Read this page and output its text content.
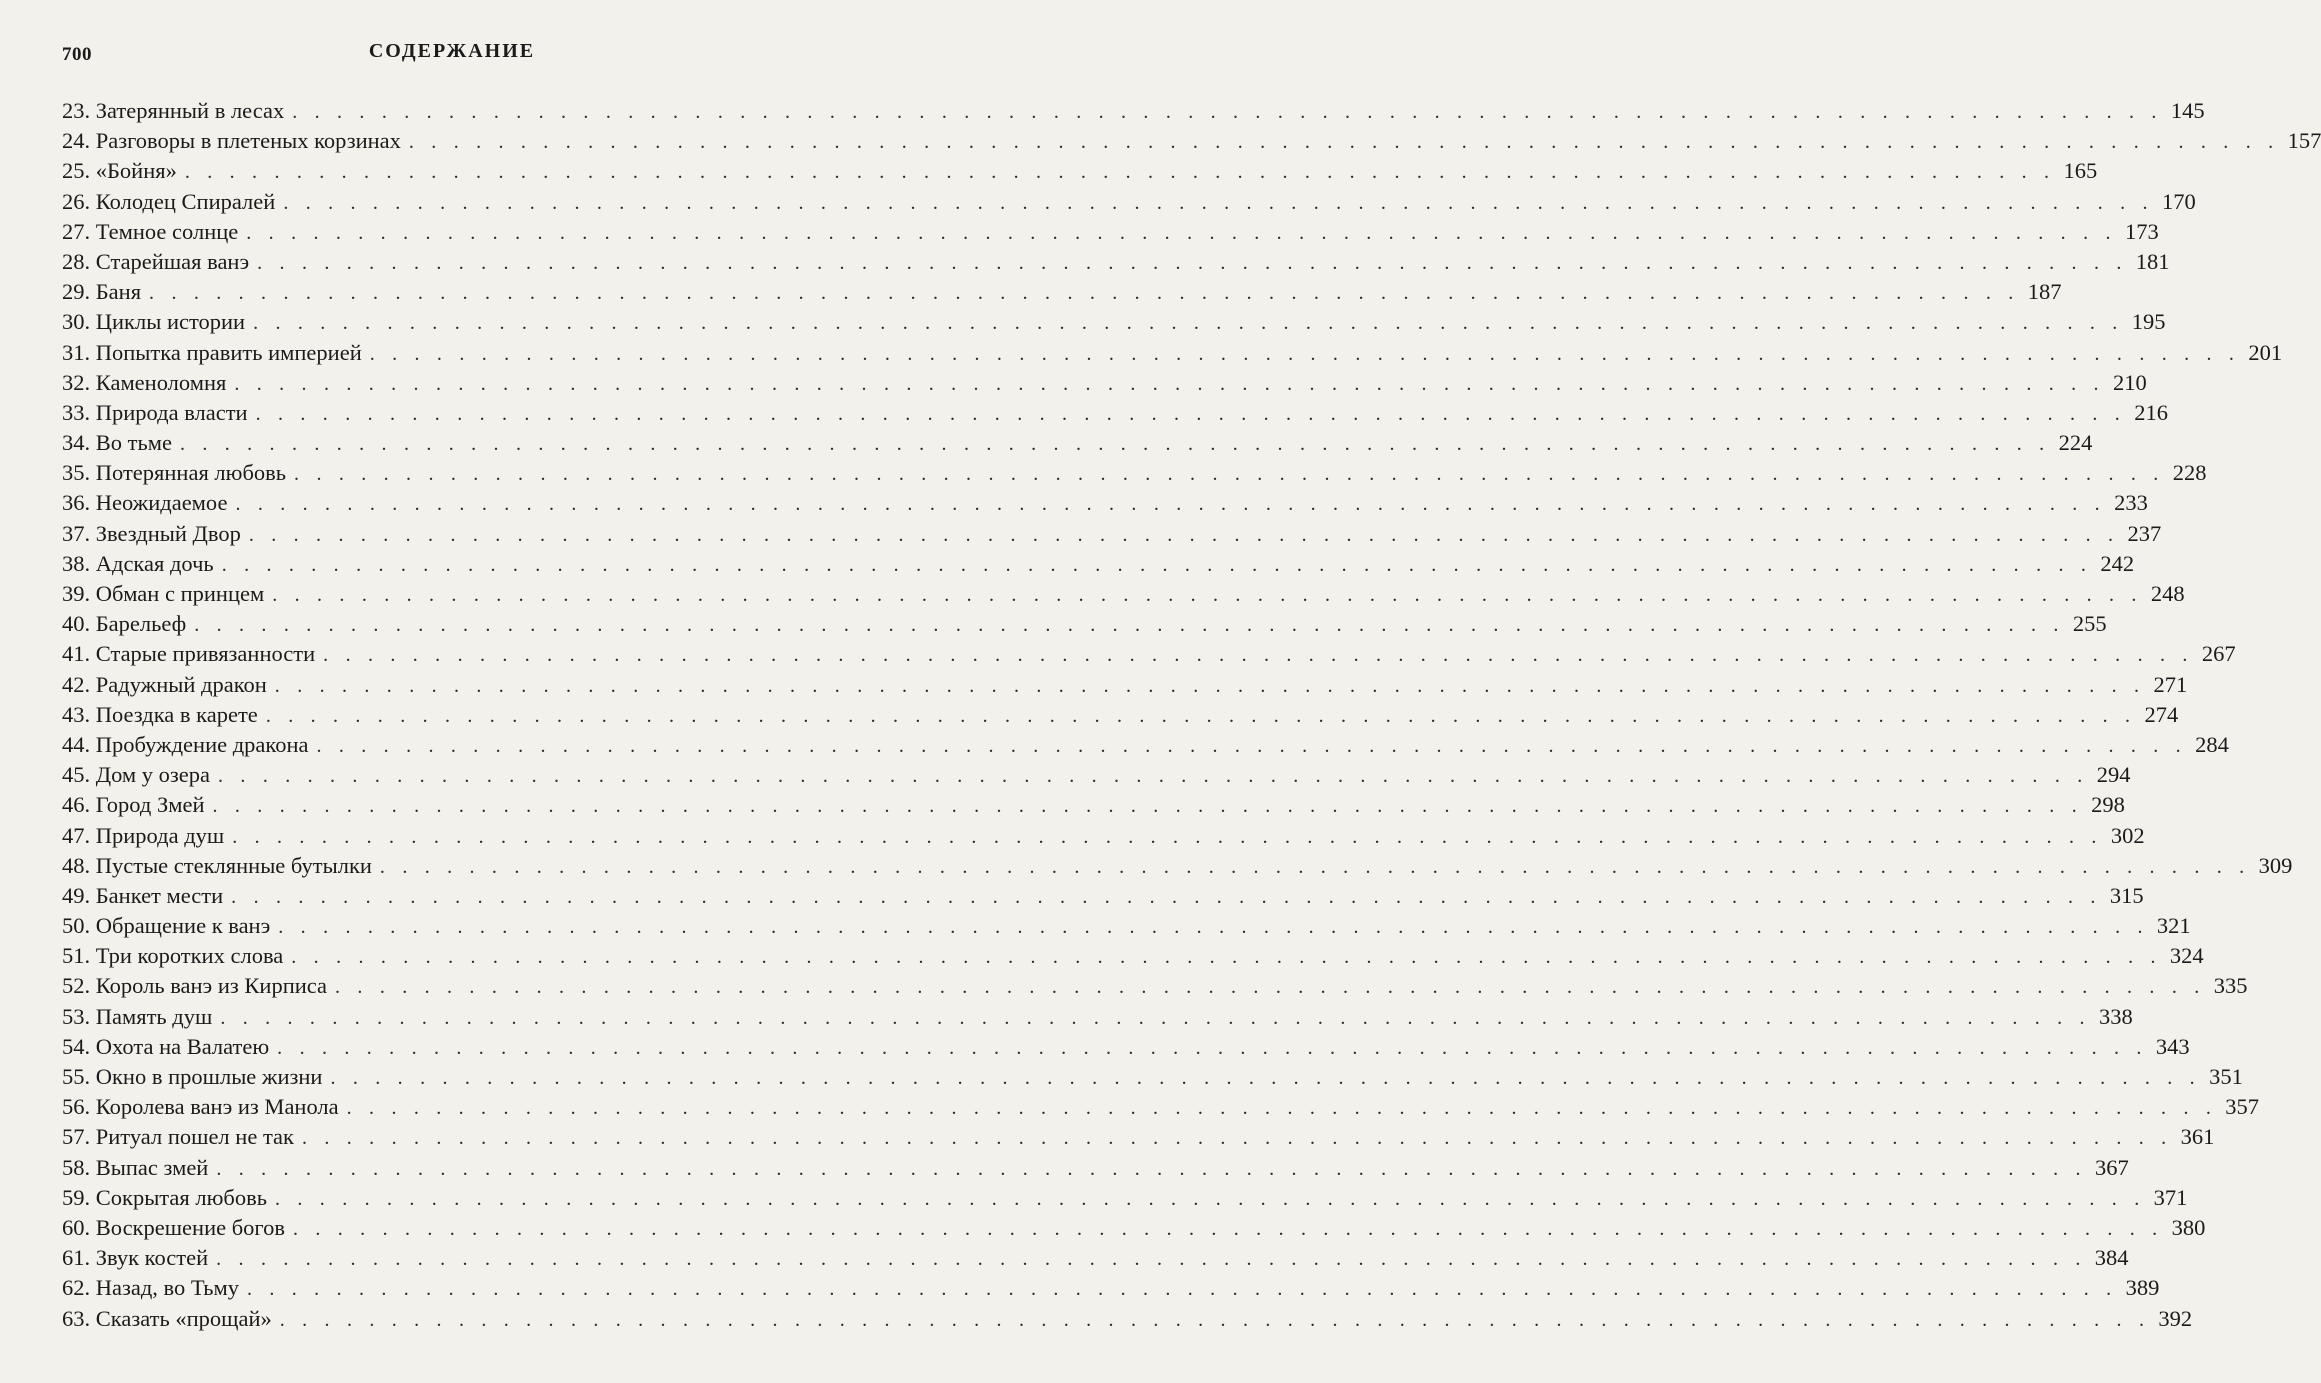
700	СОДЕРЖАНИЕ
23. Затерянный в лесах . . . . . . . . . . . . . . . . . . . . . . . . . . . . . . . . . . . . . . . . . . . . . . . . . . . . . . . . . . . . . . . . . . . . . . . . . . . . . . . . . . . . 145
24. Разговоры в плетеных корзинах . . . . . . . . . . . . . . . . . . . . . . . . . . . . . . . . . . . . . . . . . . . . . . . . . . . . . . . . . . . . . . . . . . . . . . . . . . . . . . . . . . . . 157
25. «Бойня» . . . . . . . . . . . . . . . . . . . . . . . . . . . . . . . . . . . . . . . . . . . . . . . . . . . . . . . . . . . . . . . . . . . . . . . . . . . . . . . . . . . . 165
26. Колодец Спиралей . . . . . . . . . . . . . . . . . . . . . . . . . . . . . . . . . . . . . . . . . . . . . . . . . . . . . . . . . . . . . . . . . . . . . . . . . . . . . . . . . . . . 170
27. Темное солнце . . . . . . . . . . . . . . . . . . . . . . . . . . . . . . . . . . . . . . . . . . . . . . . . . . . . . . . . . . . . . . . . . . . . . . . . . . . . . . . . . . . . 173
28. Старейшая ванэ . . . . . . . . . . . . . . . . . . . . . . . . . . . . . . . . . . . . . . . . . . . . . . . . . . . . . . . . . . . . . . . . . . . . . . . . . . . . . . . . . . . . 181
29. Баня . . . . . . . . . . . . . . . . . . . . . . . . . . . . . . . . . . . . . . . . . . . . . . . . . . . . . . . . . . . . . . . . . . . . . . . . . . . . . . . . . . . . 187
30. Циклы истории . . . . . . . . . . . . . . . . . . . . . . . . . . . . . . . . . . . . . . . . . . . . . . . . . . . . . . . . . . . . . . . . . . . . . . . . . . . . . . . . . . . . 195
31. Попытка править империей . . . . . . . . . . . . . . . . . . . . . . . . . . . . . . . . . . . . . . . . . . . . . . . . . . . . . . . . . . . . . . . . . . . . . . . . . . . . . . . . . . . . 201
32. Каменоломня . . . . . . . . . . . . . . . . . . . . . . . . . . . . . . . . . . . . . . . . . . . . . . . . . . . . . . . . . . . . . . . . . . . . . . . . . . . . . . . . . . . . 210
33. Природа власти . . . . . . . . . . . . . . . . . . . . . . . . . . . . . . . . . . . . . . . . . . . . . . . . . . . . . . . . . . . . . . . . . . . . . . . . . . . . . . . . . . . . 216
34. Во тьме . . . . . . . . . . . . . . . . . . . . . . . . . . . . . . . . . . . . . . . . . . . . . . . . . . . . . . . . . . . . . . . . . . . . . . . . . . . . . . . . . . . . 224
35. Потерянная любовь . . . . . . . . . . . . . . . . . . . . . . . . . . . . . . . . . . . . . . . . . . . . . . . . . . . . . . . . . . . . . . . . . . . . . . . . . . . . . . . . . . . . 228
36. Неожидаемое . . . . . . . . . . . . . . . . . . . . . . . . . . . . . . . . . . . . . . . . . . . . . . . . . . . . . . . . . . . . . . . . . . . . . . . . . . . . . . . . . . . . 233
37. Звездный Двор . . . . . . . . . . . . . . . . . . . . . . . . . . . . . . . . . . . . . . . . . . . . . . . . . . . . . . . . . . . . . . . . . . . . . . . . . . . . . . . . . . . . 237
38. Адская дочь . . . . . . . . . . . . . . . . . . . . . . . . . . . . . . . . . . . . . . . . . . . . . . . . . . . . . . . . . . . . . . . . . . . . . . . . . . . . . . . . . . . . 242
39. Обман с принцем . . . . . . . . . . . . . . . . . . . . . . . . . . . . . . . . . . . . . . . . . . . . . . . . . . . . . . . . . . . . . . . . . . . . . . . . . . . . . . . . . . . . 248
40. Барельеф . . . . . . . . . . . . . . . . . . . . . . . . . . . . . . . . . . . . . . . . . . . . . . . . . . . . . . . . . . . . . . . . . . . . . . . . . . . . . . . . . . . . 255
41. Старые привязанности . . . . . . . . . . . . . . . . . . . . . . . . . . . . . . . . . . . . . . . . . . . . . . . . . . . . . . . . . . . . . . . . . . . . . . . . . . . . . . . . . . . . 267
42. Радужный дракон . . . . . . . . . . . . . . . . . . . . . . . . . . . . . . . . . . . . . . . . . . . . . . . . . . . . . . . . . . . . . . . . . . . . . . . . . . . . . . . . . . . . 271
43. Поездка в карете . . . . . . . . . . . . . . . . . . . . . . . . . . . . . . . . . . . . . . . . . . . . . . . . . . . . . . . . . . . . . . . . . . . . . . . . . . . . . . . . . . . . 274
44. Пробуждение дракона . . . . . . . . . . . . . . . . . . . . . . . . . . . . . . . . . . . . . . . . . . . . . . . . . . . . . . . . . . . . . . . . . . . . . . . . . . . . . . . . . . . . 284
45. Дом у озера . . . . . . . . . . . . . . . . . . . . . . . . . . . . . . . . . . . . . . . . . . . . . . . . . . . . . . . . . . . . . . . . . . . . . . . . . . . . . . . . . . . . 294
46. Город Змей . . . . . . . . . . . . . . . . . . . . . . . . . . . . . . . . . . . . . . . . . . . . . . . . . . . . . . . . . . . . . . . . . . . . . . . . . . . . . . . . . . . . 298
47. Природа душ . . . . . . . . . . . . . . . . . . . . . . . . . . . . . . . . . . . . . . . . . . . . . . . . . . . . . . . . . . . . . . . . . . . . . . . . . . . . . . . . . . . . 302
48. Пустые стеклянные бутылки . . . . . . . . . . . . . . . . . . . . . . . . . . . . . . . . . . . . . . . . . . . . . . . . . . . . . . . . . . . . . . . . . . . . . . . . . . . . . . . . . . . . 309
49. Банкет мести . . . . . . . . . . . . . . . . . . . . . . . . . . . . . . . . . . . . . . . . . . . . . . . . . . . . . . . . . . . . . . . . . . . . . . . . . . . . . . . . . . . . 315
50. Обращение к ванэ . . . . . . . . . . . . . . . . . . . . . . . . . . . . . . . . . . . . . . . . . . . . . . . . . . . . . . . . . . . . . . . . . . . . . . . . . . . . . . . . . . . . 321
51. Три коротких слова . . . . . . . . . . . . . . . . . . . . . . . . . . . . . . . . . . . . . . . . . . . . . . . . . . . . . . . . . . . . . . . . . . . . . . . . . . . . . . . . . . . . 324
52. Король ванэ из Кирписа . . . . . . . . . . . . . . . . . . . . . . . . . . . . . . . . . . . . . . . . . . . . . . . . . . . . . . . . . . . . . . . . . . . . . . . . . . . . . . . . . . . . 335
53. Память душ . . . . . . . . . . . . . . . . . . . . . . . . . . . . . . . . . . . . . . . . . . . . . . . . . . . . . . . . . . . . . . . . . . . . . . . . . . . . . . . . . . . . 338
54. Охота на Валатею . . . . . . . . . . . . . . . . . . . . . . . . . . . . . . . . . . . . . . . . . . . . . . . . . . . . . . . . . . . . . . . . . . . . . . . . . . . . . . . . . . . . 343
55. Окно в прошлые жизни . . . . . . . . . . . . . . . . . . . . . . . . . . . . . . . . . . . . . . . . . . . . . . . . . . . . . . . . . . . . . . . . . . . . . . . . . . . . . . . . . . . . 351
56. Королева ванэ из Манола . . . . . . . . . . . . . . . . . . . . . . . . . . . . . . . . . . . . . . . . . . . . . . . . . . . . . . . . . . . . . . . . . . . . . . . . . . . . . . . . . . . . 357
57. Ритуал пошел не так . . . . . . . . . . . . . . . . . . . . . . . . . . . . . . . . . . . . . . . . . . . . . . . . . . . . . . . . . . . . . . . . . . . . . . . . . . . . . . . . . . . . 361
58. Выпас змей . . . . . . . . . . . . . . . . . . . . . . . . . . . . . . . . . . . . . . . . . . . . . . . . . . . . . . . . . . . . . . . . . . . . . . . . . . . . . . . . . . . . 367
59. Сокрытая любовь . . . . . . . . . . . . . . . . . . . . . . . . . . . . . . . . . . . . . . . . . . . . . . . . . . . . . . . . . . . . . . . . . . . . . . . . . . . . . . . . . . . . 371
60. Воскрешение богов . . . . . . . . . . . . . . . . . . . . . . . . . . . . . . . . . . . . . . . . . . . . . . . . . . . . . . . . . . . . . . . . . . . . . . . . . . . . . . . . . . . . 380
61. Звук костей . . . . . . . . . . . . . . . . . . . . . . . . . . . . . . . . . . . . . . . . . . . . . . . . . . . . . . . . . . . . . . . . . . . . . . . . . . . . . . . . . . . . 384
62. Назад, во Тьму . . . . . . . . . . . . . . . . . . . . . . . . . . . . . . . . . . . . . . . . . . . . . . . . . . . . . . . . . . . . . . . . . . . . . . . . . . . . . . . . . . . . 389
63. Сказать «прощай» . . . . . . . . . . . . . . . . . . . . . . . . . . . . . . . . . . . . . . . . . . . . . . . . . . . . . . . . . . . . . . . . . . . . . . . . . . . . . . . . . . . . 392
